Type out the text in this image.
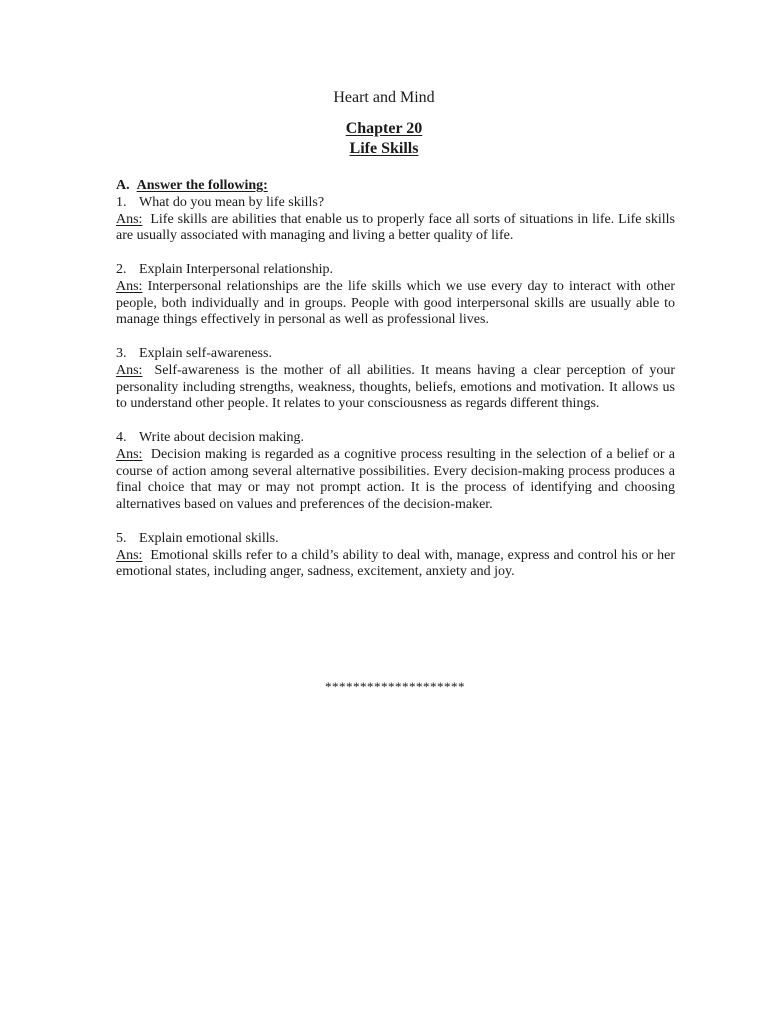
Heart and Mind
Chapter 20
Life Skills

A. Answer the following:

1. What do you mean by life skills?

Ans: Life skills are abilities that enable us to properly face all sorts of situations in life. Life skills are usually associated with managing and living a better quality of life.

2. Explain Interpersonal relationship.

Ans: Interpersonal relationships are the life skills which we use every day to interact with other people, both individually and in groups. People with good interpersonal skills are usually able to manage things effectively in personal as well as professional lives.

3. Explain self-awareness.

Ans: Self-awareness is the mother of all abilities. It means having a clear perception of your personality including strengths, weakness, thoughts, beliefs, emotions and motivation. It allows us to understand other people. It relates to your consciousness as regards different things.

4. Write about decision making.

Ans: Decision making is regarded as a cognitive process resulting in the selection of a belief or a course of action among several alternative possibilities. Every decision-making process produces a final choice that may or may not prompt action. It is the process of identifying and choosing alternatives based on values and preferences of the decision-maker.

5. Explain emotional skills.

Ans: Emotional skills refer to a child’s ability to deal with, manage, express and control his or her emotional states, including anger, sadness, excitement, anxiety and joy.

********************
